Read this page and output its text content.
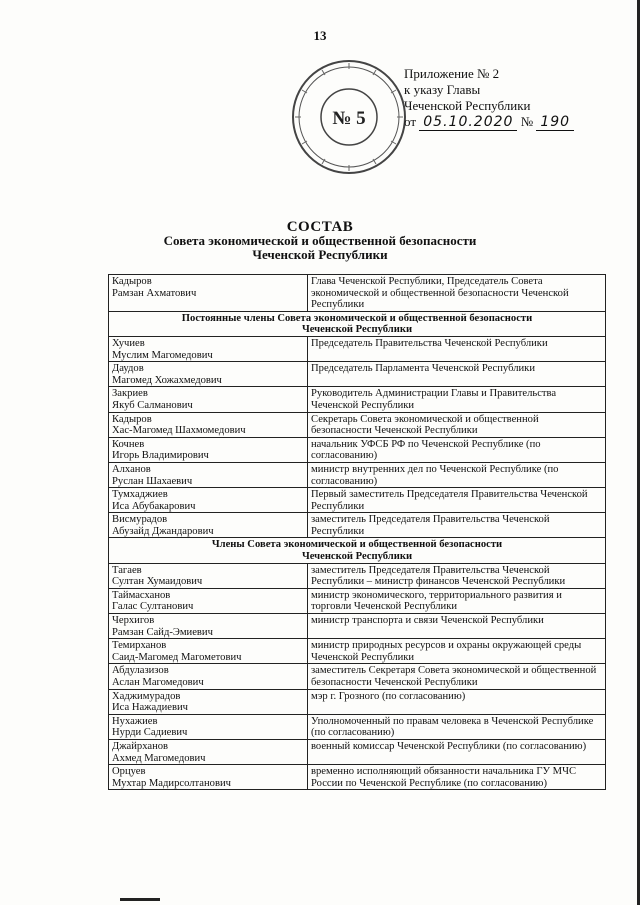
13
№ 5
Приложение № 2
к указу Главы
Чеченской Республики
от 05.10.2020 № 190
СОСТАВ
Совета экономической и общественной безопасности
Чеченской Республики
Кадыров
Рамзан Ахматович	Глава Чеченской Республики, Председатель Совета экономической и общественной безопасности Чеченской Республики

Постоянные члены Совета экономической и общественной безопасности
Чеченской Республики	

Хучиев
Муслим Магомедович	Председатель Правительства Чеченской Республики

Даудов
Магомед Хожахмедович	Председатель Парламента Чеченской Республики

Закриев
Якуб Салманович	Руководитель Администрации Главы и Правительства Чеченской Республики

Кадыров
Хас-Магомед Шахмомедович	Секретарь Совета экономической и общественной безопасности Чеченской Республики

Кочнев
Игорь Владимирович	начальник УФСБ РФ по Чеченской Республике (по согласованию)

Алханов
Руслан Шахаевич	министр внутренних дел по Чеченской Республике (по согласованию)

Тумхаджиев
Иса Абубакарович	Первый заместитель Председателя Правительства Чеченской Республики

Висмурадов
Абузайд Джандарович	заместитель Председателя Правительства Чеченской Республики

Члены Совета экономической и общественной безопасности
Чеченской Республики	

Тагаев
Султан Хумаидович	заместитель Председателя Правительства Чеченской Республики – министр финансов Чеченской Республики

Таймасханов
Галас Султанович	министр экономического, территориального развития и торговли Чеченской Республики

Черхигов
Рамзан Сайд-Эмиевич	министр транспорта и связи Чеченской Республики

Темирханов
Саид-Магомед Магометович	министр природных ресурсов и охраны окружающей среды Чеченской Республики

Абдулазизов
Аслан Магомедович	заместитель Секретаря Совета экономической и общественной безопасности Чеченской Республики

Хаджимурадов
Иса Нажадиевич	мэр г. Грозного (по согласованию)

Нухажиев
Нурди Садиевич	Уполномоченный по правам человека в Чеченской Республике (по согласованию)

Джайрханов
Ахмед Магомедович	военный комиссар Чеченской Республики (по согласованию)

Орцуев
Мухтар Мадирсолтанович	временно исполняющий обязанности начальника ГУ МЧС России по Чеченской Республике (по согласованию)
